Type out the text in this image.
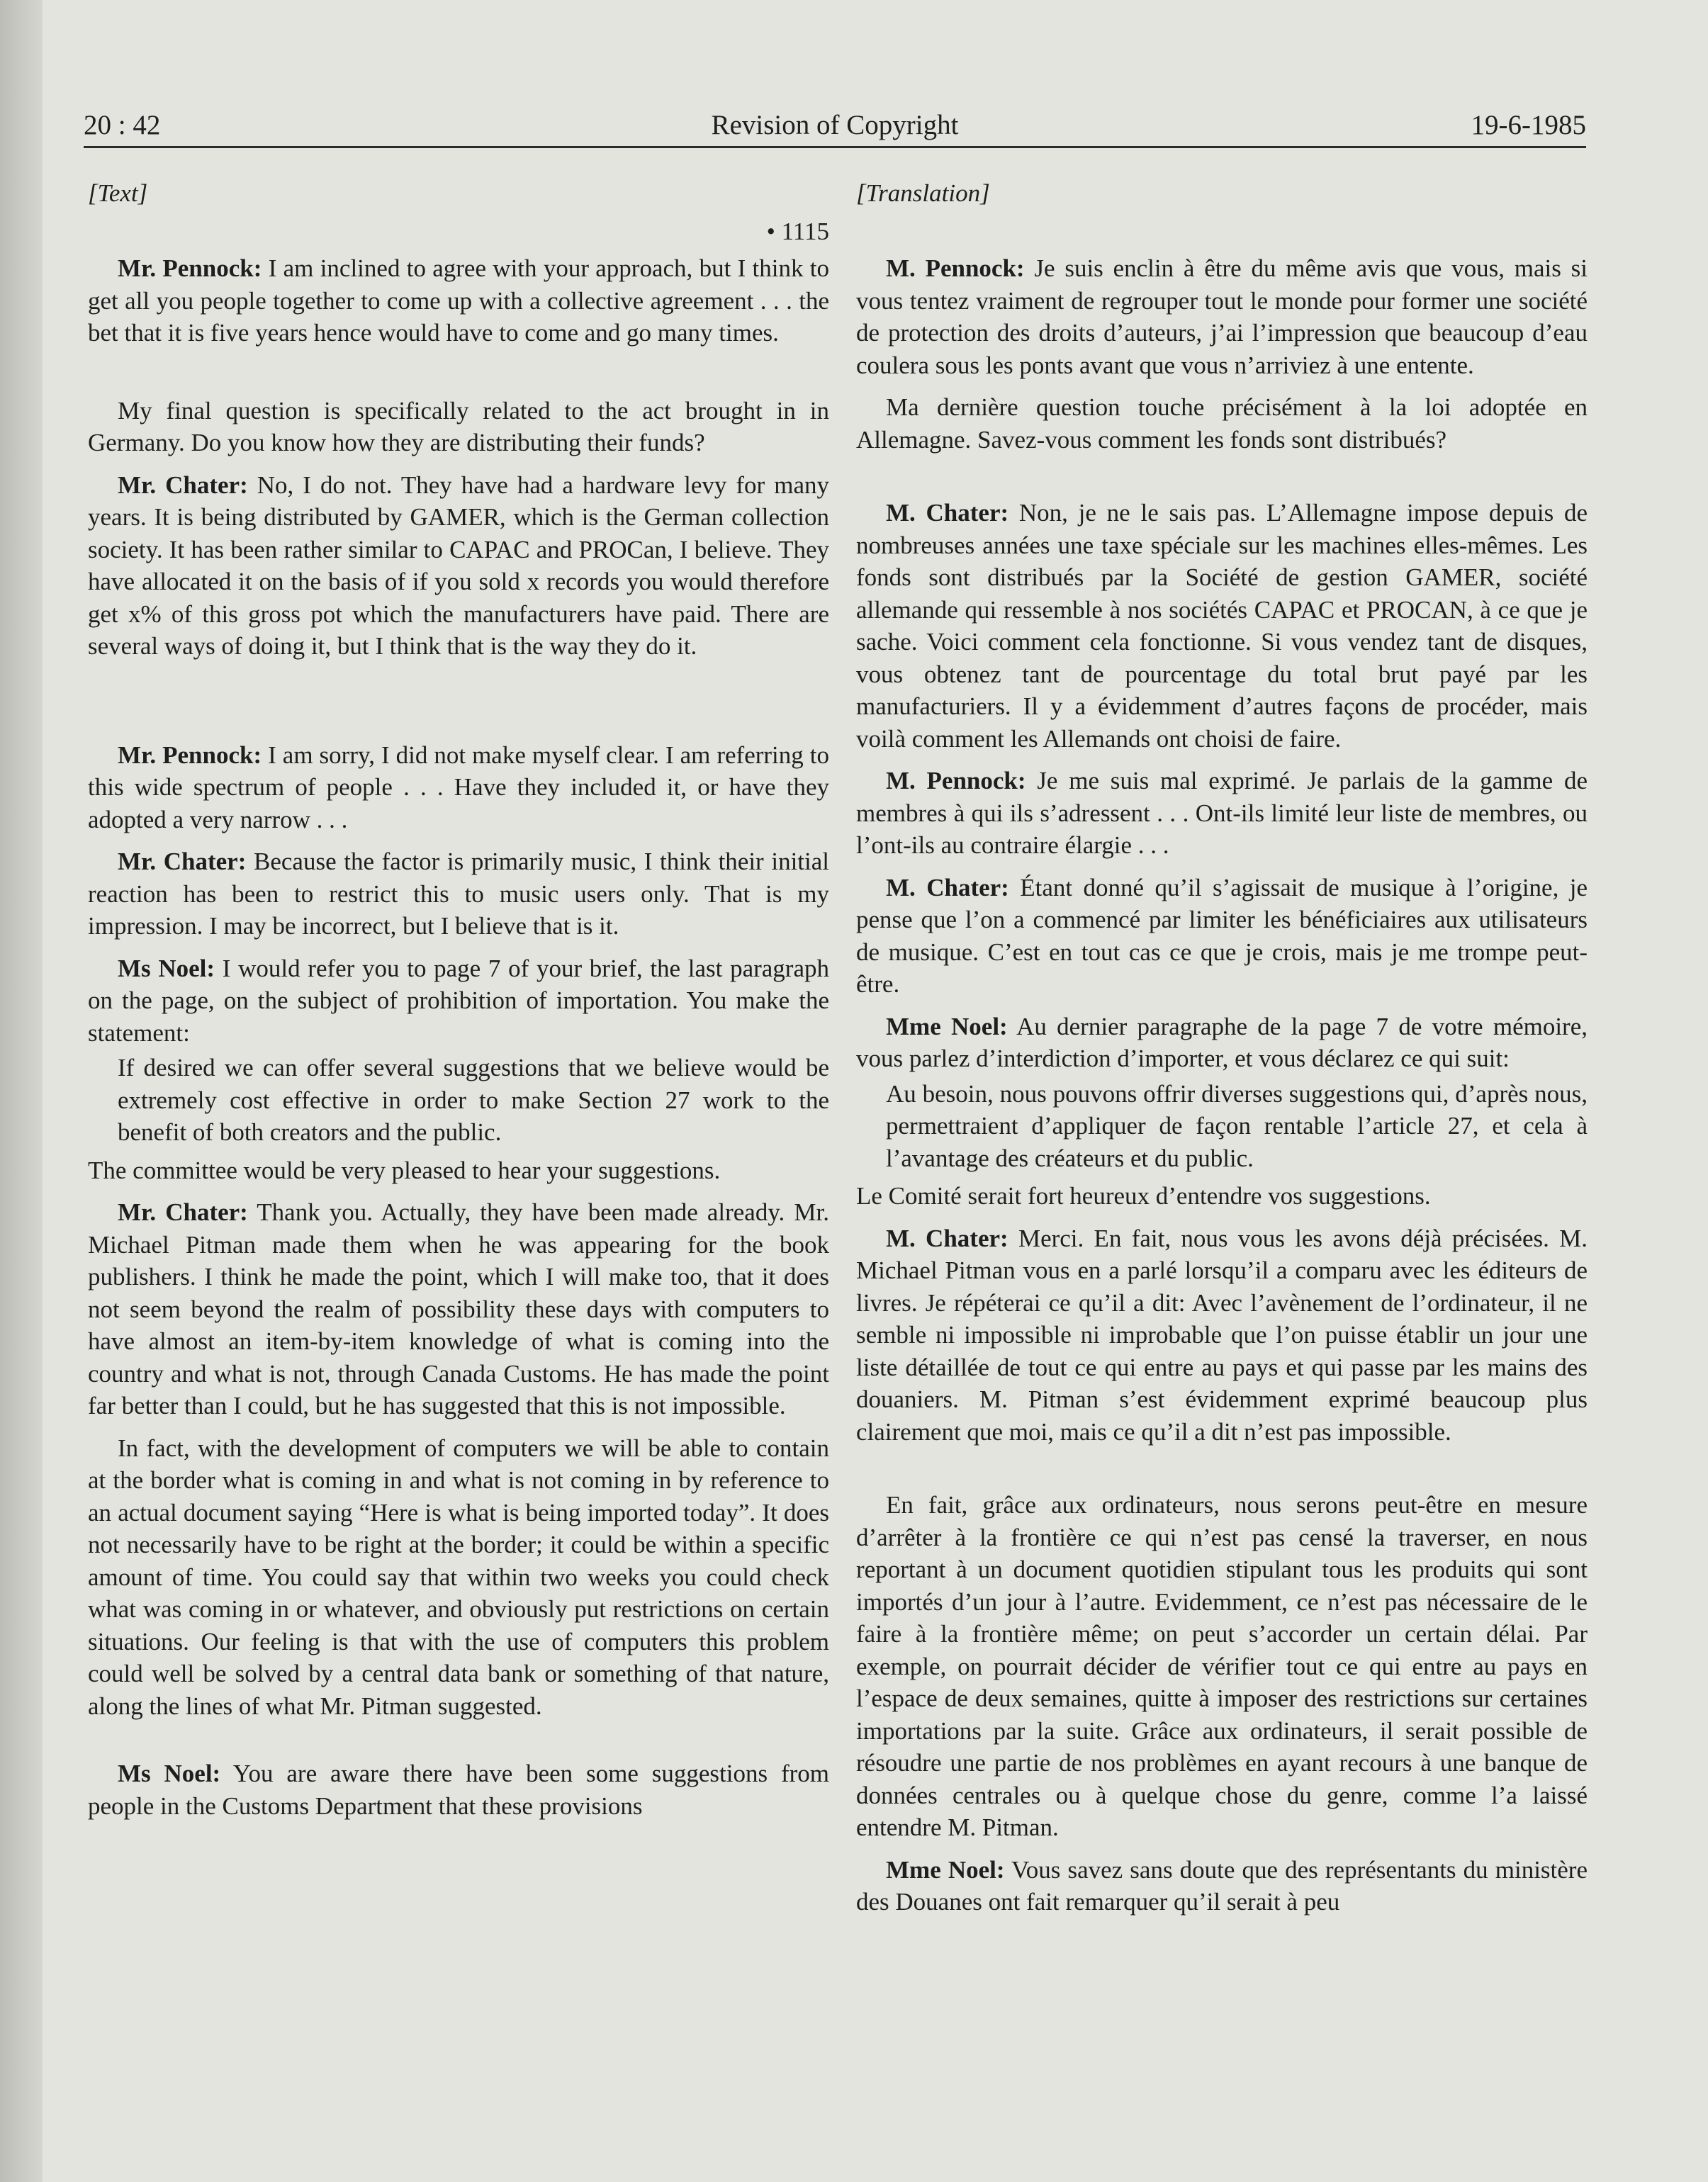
20 : 42	Revision of Copyright	19-6-1985
[Text]
• 1115

Mr. Pennock: I am inclined to agree with your approach, but I think to get all you people together to come up with a collective agreement . . . the bet that it is five years hence would have to come and go many times.

My final question is specifically related to the act brought in in Germany. Do you know how they are distributing their funds?

Mr. Chater: No, I do not. They have had a hardware levy for many years. It is being distributed by GAMER, which is the German collection society. It has been rather similar to CAPAC and PROCan, I believe. They have allocated it on the basis of if you sold x records you would therefore get x% of this gross pot which the manufacturers have paid. There are several ways of doing it, but I think that is the way they do it.

Mr. Pennock: I am sorry, I did not make myself clear. I am referring to this wide spectrum of people . . . Have they included it, or have they adopted a very narrow . . .

Mr. Chater: Because the factor is primarily music, I think their initial reaction has been to restrict this to music users only. That is my impression. I may be incorrect, but I believe that is it.

Ms Noel: I would refer you to page 7 of your brief, the last paragraph on the page, on the subject of prohibition of importation. You make the statement:

If desired we can offer several suggestions that we believe would be extremely cost effective in order to make Section 27 work to the benefit of both creators and the public.

The committee would be very pleased to hear your suggestions.

Mr. Chater: Thank you. Actually, they have been made already. Mr. Michael Pitman made them when he was appearing for the book publishers. I think he made the point, which I will make too, that it does not seem beyond the realm of possibility these days with computers to have almost an item-by-item knowledge of what is coming into the country and what is not, through Canada Customs. He has made the point far better than I could, but he has suggested that this is not impossible.

In fact, with the development of computers we will be able to contain at the border what is coming in and what is not coming in by reference to an actual document saying “Here is what is being imported today”. It does not necessarily have to be right at the border; it could be within a specific amount of time. You could say that within two weeks you could check what was coming in or whatever, and obviously put restrictions on certain situations. Our feeling is that with the use of computers this problem could well be solved by a central data bank or something of that nature, along the lines of what Mr. Pitman suggested.

Ms Noel: You are aware there have been some suggestions from people in the Customs Department that these provisions

[Translation]

M. Pennock: Je suis enclin à être du même avis que vous, mais si vous tentez vraiment de regrouper tout le monde pour former une société de protection des droits d’auteurs, j’ai l’impression que beaucoup d’eau coulera sous les ponts avant que vous n’arriviez à une entente.

Ma dernière question touche précisément à la loi adoptée en Allemagne. Savez-vous comment les fonds sont distribués?

M. Chater: Non, je ne le sais pas. L’Allemagne impose depuis de nombreuses années une taxe spéciale sur les machines elles-mêmes. Les fonds sont distribués par la Société de gestion GAMER, société allemande qui ressemble à nos sociétés CAPAC et PROCAN, à ce que je sache. Voici comment cela fonctionne. Si vous vendez tant de disques, vous obtenez tant de pourcentage du total brut payé par les manufacturiers. Il y a évidemment d’autres façons de procéder, mais voilà comment les Allemands ont choisi de faire.

M. Pennock: Je me suis mal exprimé. Je parlais de la gamme de membres à qui ils s’adressent . . . Ont-ils limité leur liste de membres, ou l’ont-ils au contraire élargie . . .

M. Chater: Étant donné qu’il s’agissait de musique à l’origine, je pense que l’on a commencé par limiter les bénéficiaires aux utilisateurs de musique. C’est en tout cas ce que je crois, mais je me trompe peut-être.

Mme Noel: Au dernier paragraphe de la page 7 de votre mémoire, vous parlez d’interdiction d’importer, et vous déclarez ce qui suit:

Au besoin, nous pouvons offrir diverses suggestions qui, d’après nous, permettraient d’appliquer de façon rentable l’article 27, et cela à l’avantage des créateurs et du public.

Le Comité serait fort heureux d’entendre vos suggestions.

M. Chater: Merci. En fait, nous vous les avons déjà précisées. M. Michael Pitman vous en a parlé lorsqu’il a comparu avec les éditeurs de livres. Je répéterai ce qu’il a dit: Avec l’avènement de l’ordinateur, il ne semble ni impossible ni improbable que l’on puisse établir un jour une liste détaillée de tout ce qui entre au pays et qui passe par les mains des douaniers. M. Pitman s’est évidemment exprimé beaucoup plus clairement que moi, mais ce qu’il a dit n’est pas impossible.

En fait, grâce aux ordinateurs, nous serons peut-être en mesure d’arrêter à la frontière ce qui n’est pas censé la traverser, en nous reportant à un document quotidien stipulant tous les produits qui sont importés d’un jour à l’autre. Evidemment, ce n’est pas nécessaire de le faire à la frontière même; on peut s’accorder un certain délai. Par exemple, on pourrait décider de vérifier tout ce qui entre au pays en l’espace de deux semaines, quitte à imposer des restrictions sur certaines importations par la suite. Grâce aux ordinateurs, il serait possible de résoudre une partie de nos problèmes en ayant recours à une banque de données centrales ou à quelque chose du genre, comme l’a laissé entendre M. Pitman.

Mme Noel: Vous savez sans doute que des représentants du ministère des Douanes ont fait remarquer qu’il serait à peu
